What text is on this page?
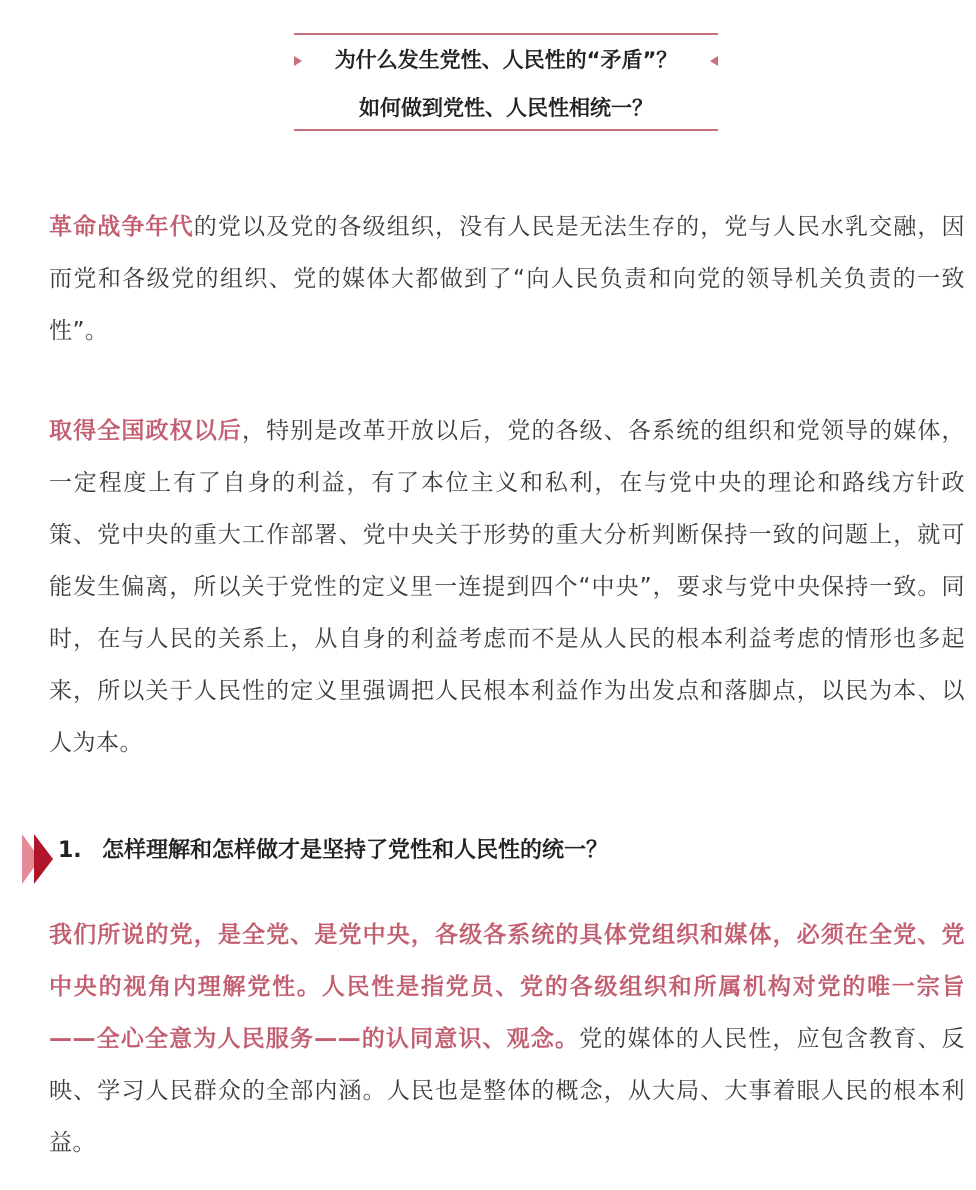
为什么发生党性、人民性的“矛盾”？
如何做到党性、人民性相统一？

革命战争年代的党以及党的各级组织，没有人民是无法生存的，党与人民水乳交融，因而党和各级党的组织、党的媒体大都做到了“向人民负责和向党的领导机关负责的一致性”。

取得全国政权以后，特别是改革开放以后，党的各级、各系统的组织和党领导的媒体，一定程度上有了自身的利益，有了本位主义和私利，在与党中央的理论和路线方针政策、党中央的重大工作部署、党中央关于形势的重大分析判断保持一致的问题上，就可能发生偏离，所以关于党性的定义里一连提到四个“中央”，要求与党中央保持一致。同时，在与人民的关系上，从自身的利益考虑而不是从人民的根本利益考虑的情形也多起来，所以关于人民性的定义里强调把人民根本利益作为出发点和落脚点，以民为本、以人为本。

1. 怎样理解和怎样做才是坚持了党性和人民性的统一？

我们所说的党，是全党、是党中央，各级各系统的具体党组织和媒体，必须在全党、党中央的视角内理解党性。人民性是指党员、党的各级组织和所属机构对党的唯一宗旨——全心全意为人民服务——的认同意识、观念。党的媒体的人民性，应包含教育、反映、学习人民群众的全部内涵。人民也是整体的概念，从大局、大事着眼人民的根本利益。
